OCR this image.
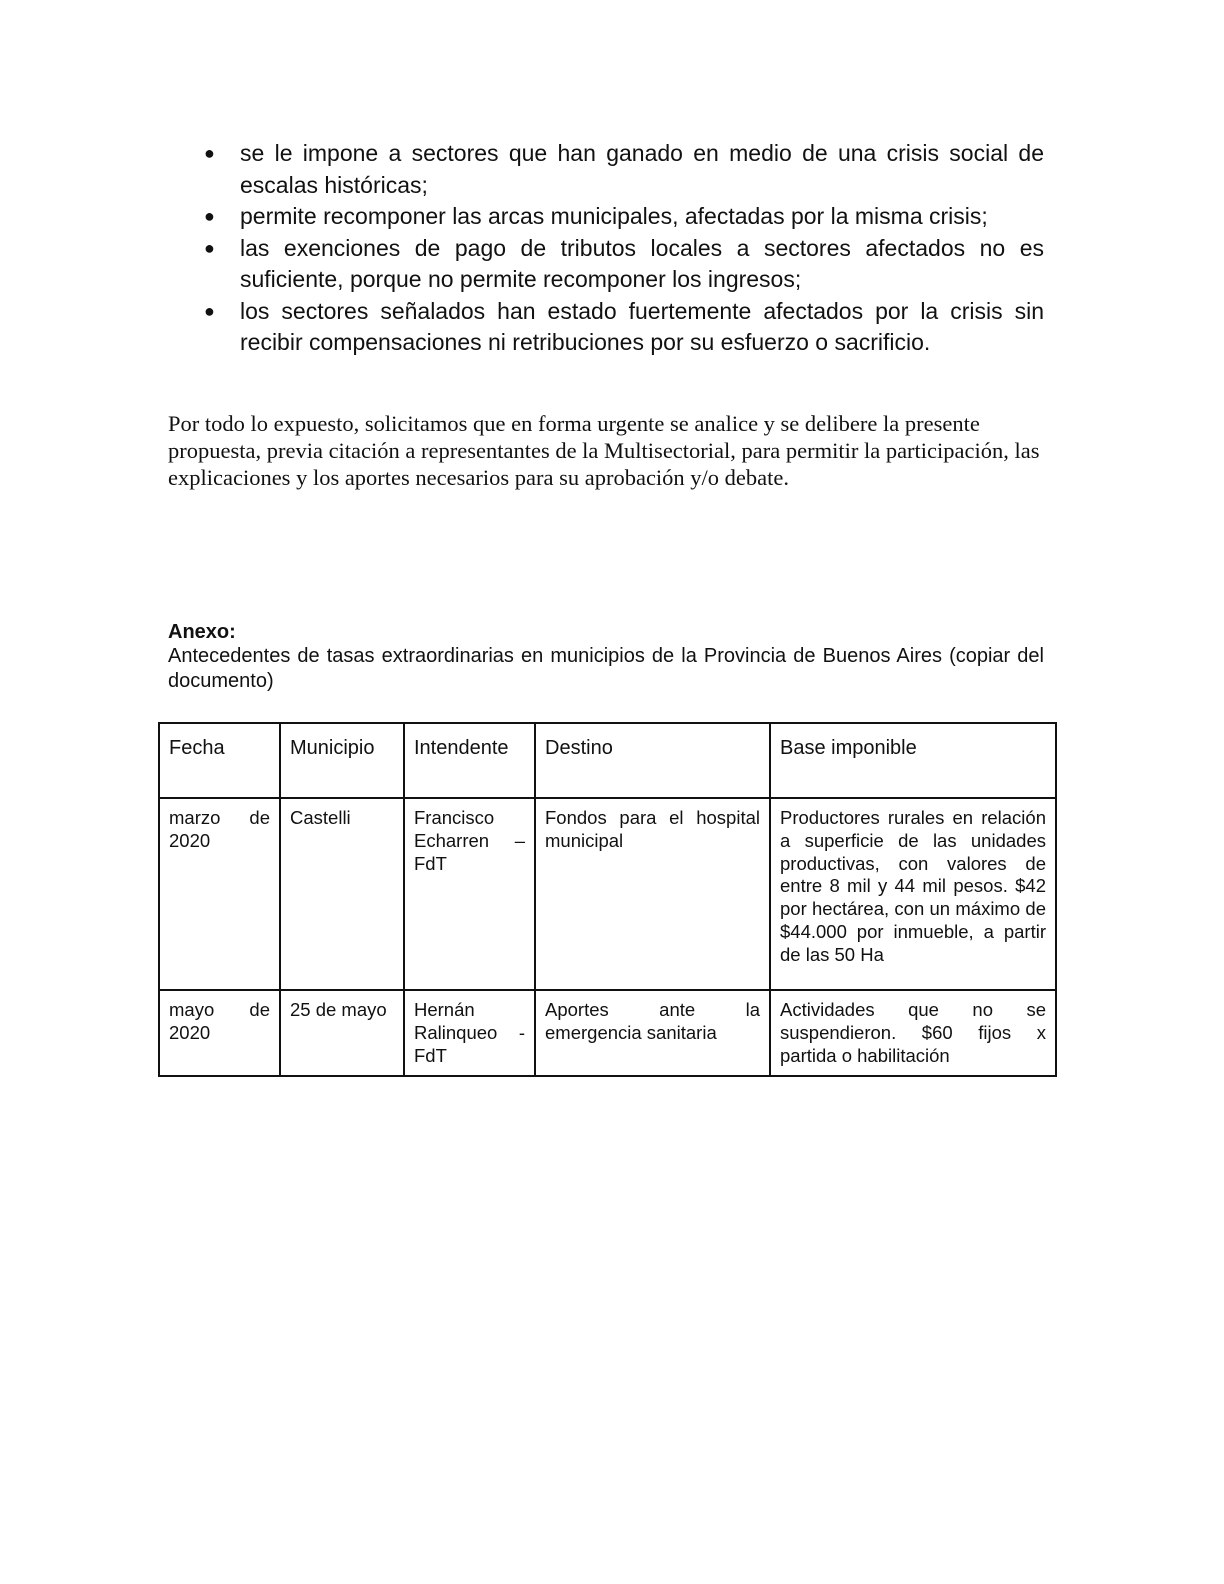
● se le impone a sectores que han ganado en medio de una crisis social de escalas históricas;
● permite recomponer las arcas municipales, afectadas por la misma crisis;
● las exenciones de pago de tributos locales a sectores afectados no es suficiente, porque no permite recomponer los ingresos;
● los sectores señalados han estado fuertemente afectados por la crisis sin recibir compensaciones ni retribuciones por su esfuerzo o sacrificio.

Por todo lo expuesto, solicitamos que en forma urgente se analice y se delibere la presente propuesta, previa citación a representantes de la Multisectorial, para permitir la participación, las explicaciones y los aportes necesarios para su aprobación y/o debate.

Anexo:

Antecedentes de tasas extraordinarias en municipios de la Provincia de Buenos Aires (copiar del documento)

Fecha	Municipio	Intendente	Destino	Base imponible
marzo de 2020	Castelli	Francisco Echarren – FdT	Fondos para el hospital municipal	Productores rurales en relación a superficie de las unidades productivas, con valores de entre 8 mil y 44 mil pesos. $42 por hectárea, con un máximo de $44.000 por inmueble, a partir de las 50 Ha
mayo de 2020	25 de mayo	Hernán Ralinqueo - FdT	Aportes ante la emergencia sanitaria	Actividades que no se suspendieron. $60 fijos x partida o habilitación
